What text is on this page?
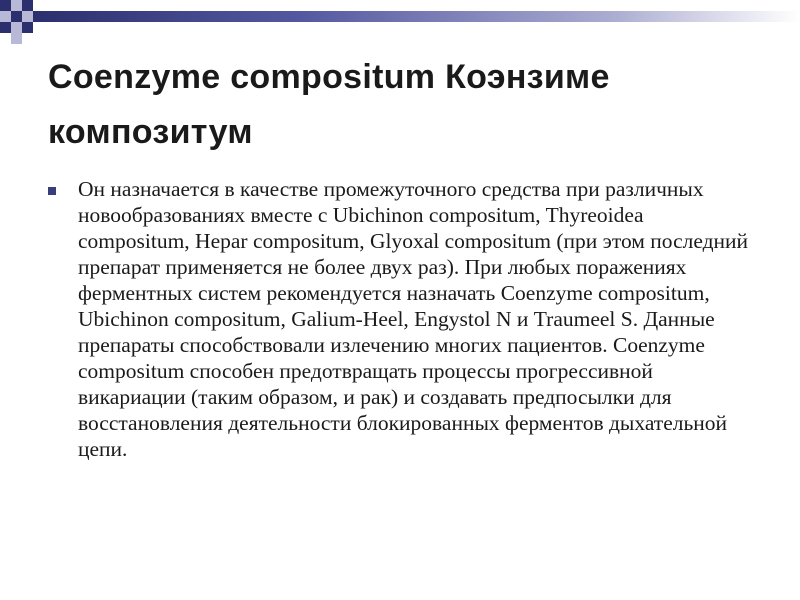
Coenzyme compositum Коэнзиме композитум
Он назначается в качестве промежуточного средства при различных новообразованиях вместе с Ubichinon compositum, Thyreoidea compositum, Hepar compositum, Glyoxal compositum (при этом последний препарат применяется не более двух раз). При любых поражениях ферментных систем рекомендуется назначать Coenzyme compositum, Ubichinon compositum, Galium-Heel, Engystol N и Traumeel S. Данные препараты способствовали излечению многих пациентов. Coenzyme compositum способен предотвращать процессы прогрессивной викариации (таким образом, и рак) и создавать предпосылки для восстановления деятельности блокированных ферментов дыхательной цепи.
